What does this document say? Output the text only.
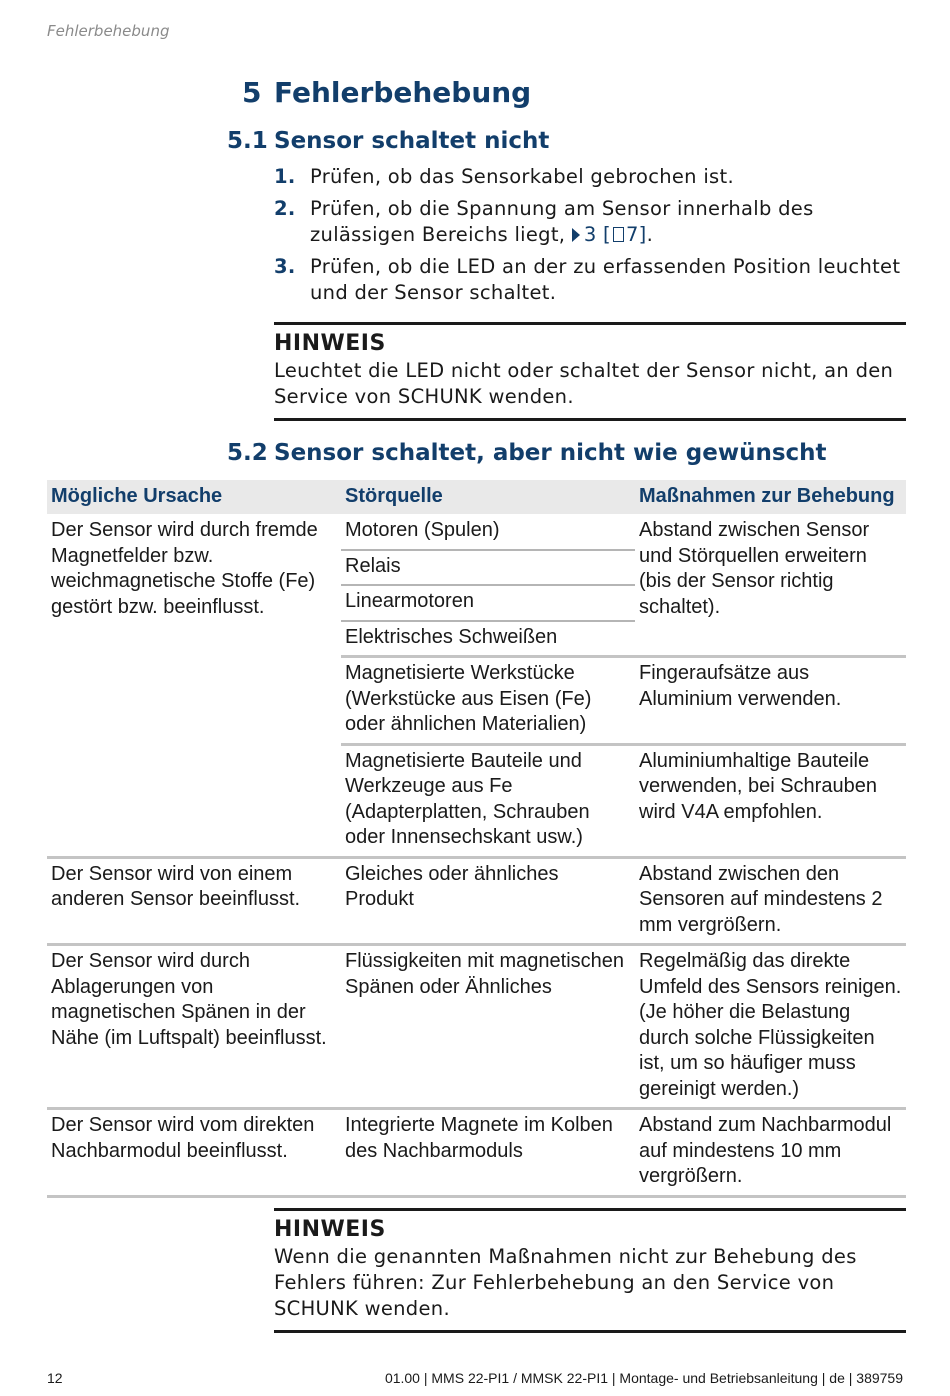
Fehlerbehebung
5 Fehlerbehebung
5.1 Sensor schaltet nicht
1. Prüfen, ob das Sensorkabel gebrochen ist.
2. Prüfen, ob die Spannung am Sensor innerhalb des zulässigen Bereichs liegt, 3 [ 7].
3. Prüfen, ob die LED an der zu erfassenden Position leuchtet und der Sensor schaltet.
HINWEIS
Leuchtet die LED nicht oder schaltet der Sensor nicht, an den Service von SCHUNK wenden.
5.2 Sensor schaltet, aber nicht wie gewünscht
Mögliche Ursache	Störquelle	Maßnahmen zur Behebung
Der Sensor wird durch fremde Magnetfelder bzw. weichmagnetische Stoffe (Fe) gestört bzw. beeinflusst.	Motoren (Spulen)	Abstand zwischen Sensor und Störquellen erweitern (bis der Sensor richtig schaltet).
	Relais	
	Linearmotoren	
	Elektrisches Schweißen	
	Magnetisierte Werkstücke (Werkstücke aus Eisen (Fe) oder ähnlichen Materialien)	Fingeraufsätze aus Aluminium verwenden.
	Magnetisierte Bauteile und Werkzeuge aus Fe (Adapterplatten, Schrauben oder Innensechskant usw.)	Aluminiumhaltige Bauteile verwenden, bei Schrauben wird V4A empfohlen.

Der Sensor wird von einem anderen Sensor beeinflusst.	Gleiches oder ähnliches Produkt	Abstand zwischen den Sensoren auf mindestens 2 mm vergrößern.
Der Sensor wird durch Ablagerungen von magnetischen Spänen in der Nähe (im Luftspalt) beeinflusst.	Flüssigkeiten mit magnetischen Spänen oder Ähnliches	Regelmäßig das direkte Umfeld des Sensors reinigen. (Je höher die Belastung durch solche Flüssigkeiten ist, um so häufiger muss gereinigt werden.)
Der Sensor wird vom direkten Nachbarmodul beeinflusst.	Integrierte Magnete im Kolben des Nachbarmoduls	Abstand zum Nachbarmodul auf mindestens 10 mm vergrößern.
HINWEIS
Wenn die genannten Maßnahmen nicht zur Behebung des Fehlers führen: Zur Fehlerbehebung an den Service von SCHUNK wenden.
12	01.00 | MMS 22-PI1 / MMSK 22-PI1 | Montage- und Betriebsanleitung | de | 389759
